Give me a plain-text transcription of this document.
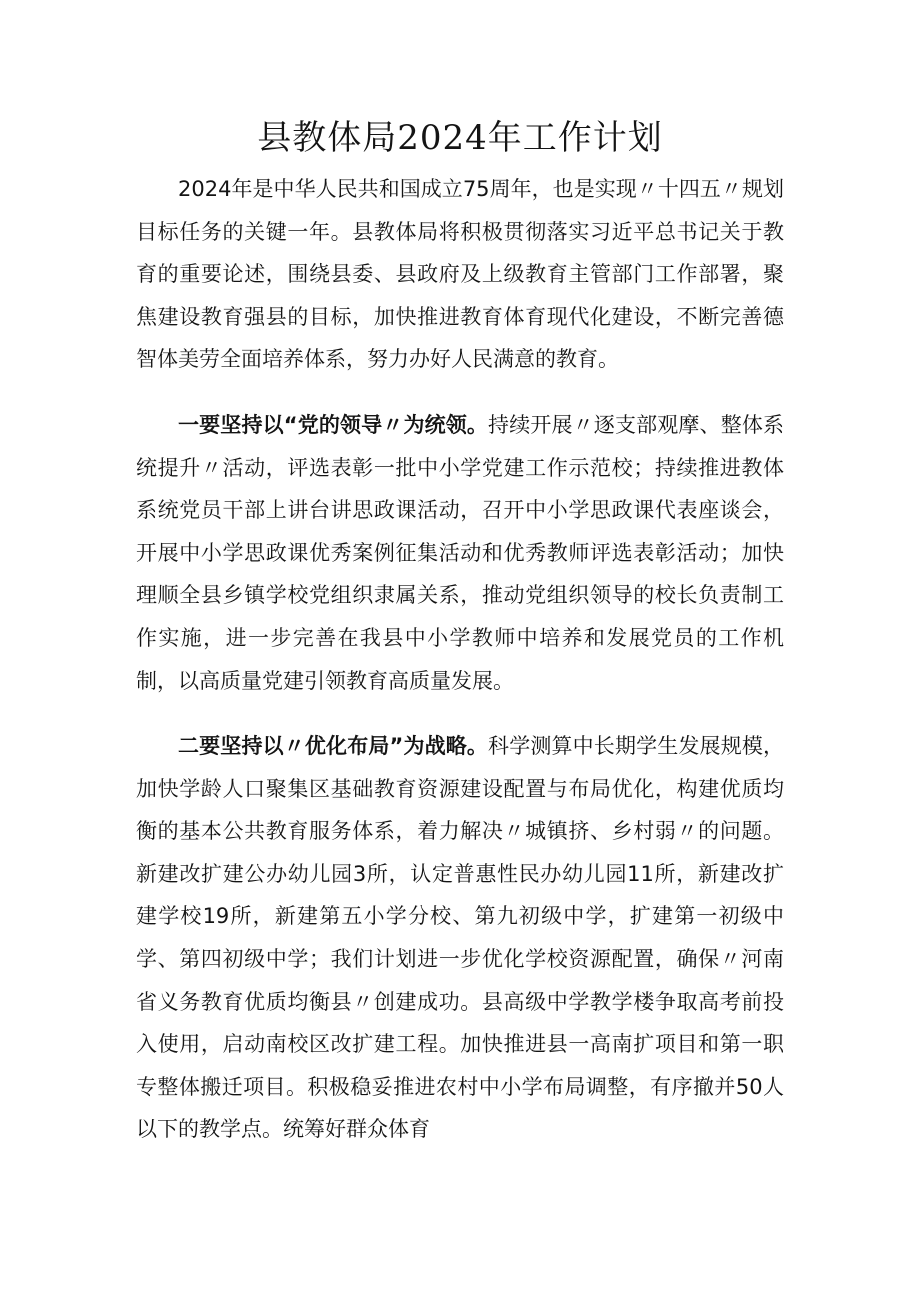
县教体局2024年工作计划

2024年是中华人民共和国成立75周年，也是实现〃十四五〃规划目标任务的关键一年。县教体局将积极贯彻落实习近平总书记关于教育的重要论述，围绕县委、县政府及上级教育主管部门工作部署，聚焦建设教育强县的目标，加快推进教育体育现代化建设，不断完善德智体美劳全面培养体系，努力办好人民满意的教育。

一要坚持以“党的领导〃为统领。持续开展〃逐支部观摩、整体系统提升〃活动，评选表彰一批中小学党建工作示范校；持续推进教体系统党员干部上讲台讲思政课活动，召开中小学思政课代表座谈会，开展中小学思政课优秀案例征集活动和优秀教师评选表彰活动；加快理顺全县乡镇学校党组织隶属关系，推动党组织领导的校长负责制工作实施，进一步完善在我县中小学教师中培养和发展党员的工作机制，以高质量党建引领教育高质量发展。

二要坚持以〃优化布局”为战略。科学测算中长期学生发展规模，加快学龄人口聚集区基础教育资源建设配置与布局优化，构建优质均衡的基本公共教育服务体系，着力解决〃城镇挤、乡村弱〃的问题。新建改扩建公办幼儿园3所，认定普惠性民办幼儿园11所，新建改扩建学校19所，新建第五小学分校、第九初级中学，扩建第一初级中学、第四初级中学；我们计划进一步优化学校资源配置，确保〃河南省义务教育优质均衡县〃创建成功。县高级中学教学楼争取高考前投入使用，启动南校区改扩建工程。加快推进县一高南扩项目和第一职专整体搬迁项目。积极稳妥推进农村中小学布局调整，有序撤并50人以下的教学点。统筹好群众体育
